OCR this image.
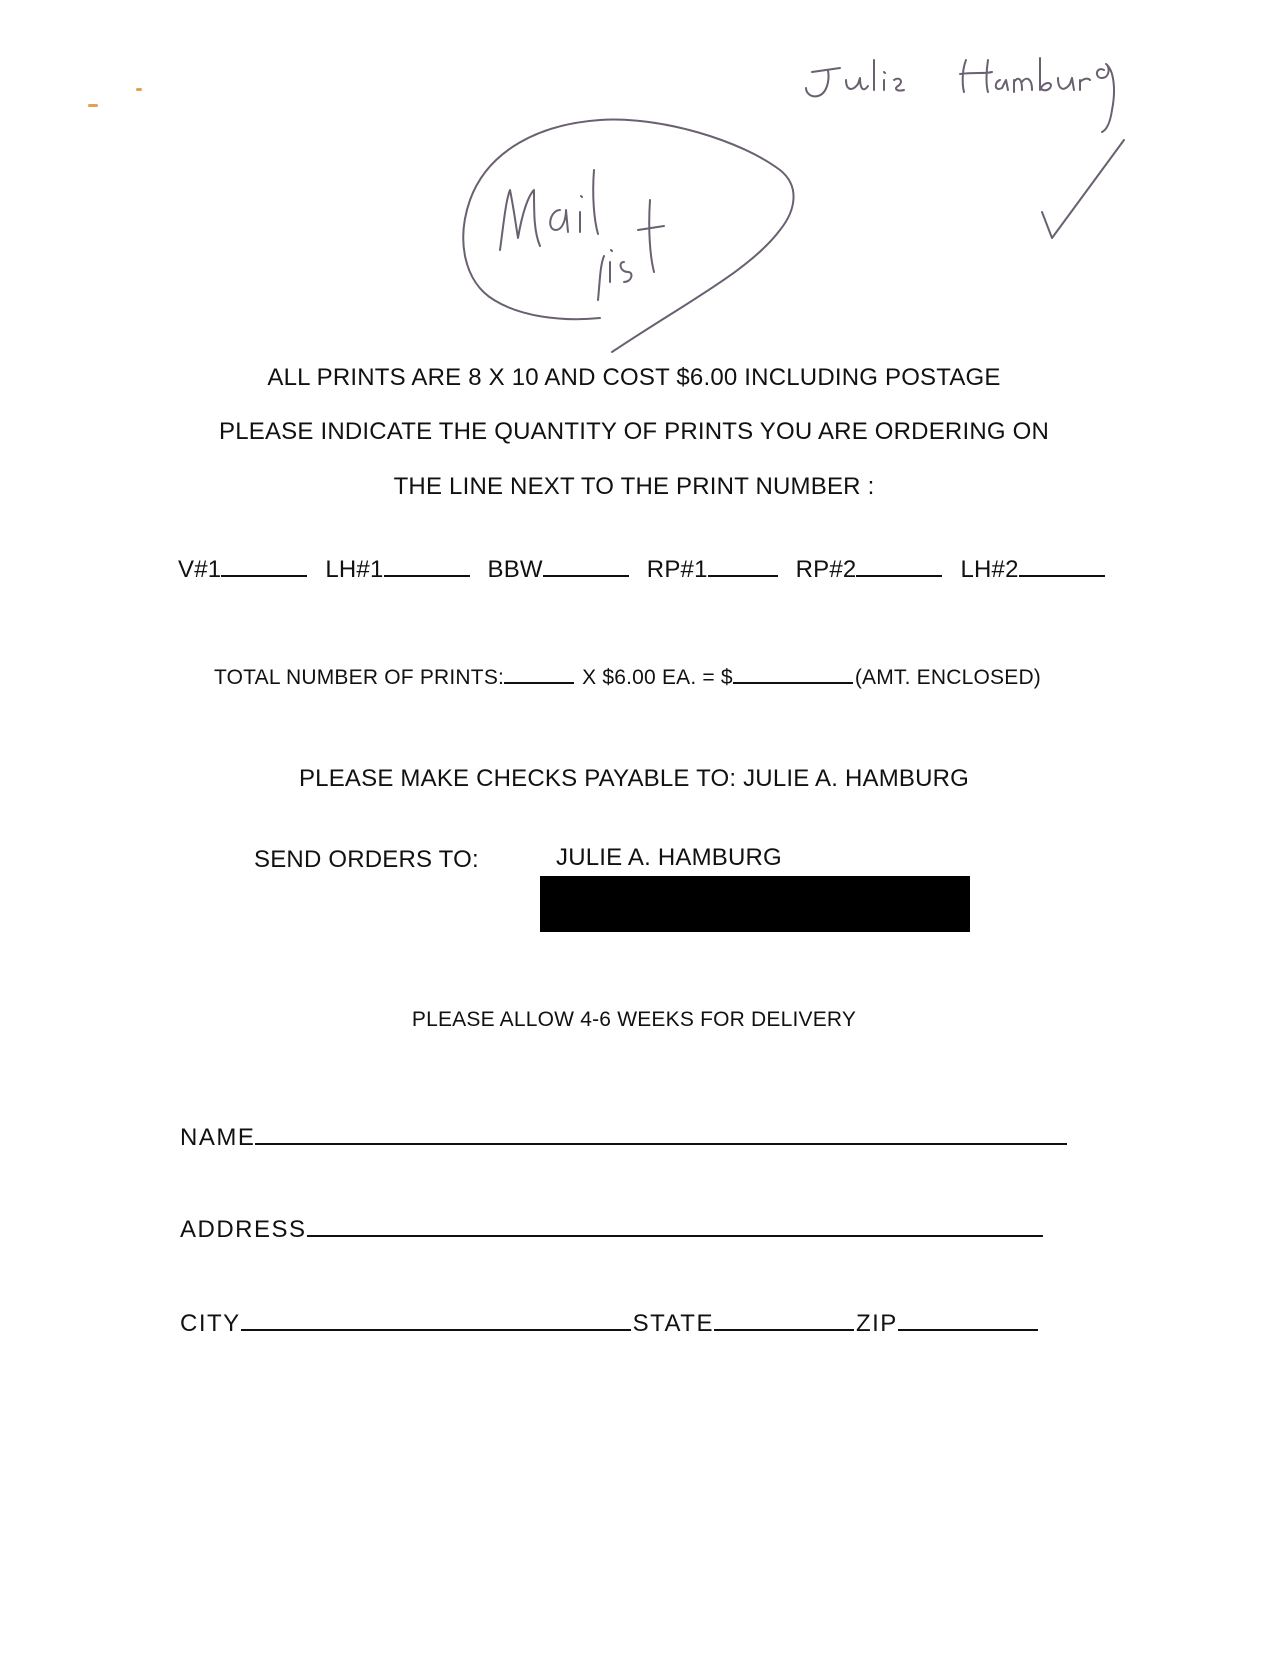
ALL PRINTS ARE 8 X 10 AND COST $6.00 INCLUDING POSTAGE
PLEASE INDICATE THE QUANTITY OF PRINTS YOU ARE ORDERING ON
THE LINE NEXT TO THE PRINT NUMBER :
V#1	LH#1	BBW	RP#1	RP#2	LH#2
TOTAL NUMBER OF PRINTS:	X $6.00 EA. = $	(AMT. ENCLOSED)
PLEASE MAKE CHECKS PAYABLE TO: JULIE A. HAMBURG
SEND ORDERS TO:	JULIE A. HAMBURG
PLEASE ALLOW 4-6 WEEKS FOR DELIVERY
NAME
ADDRESS
CITY	STATE	ZIP
